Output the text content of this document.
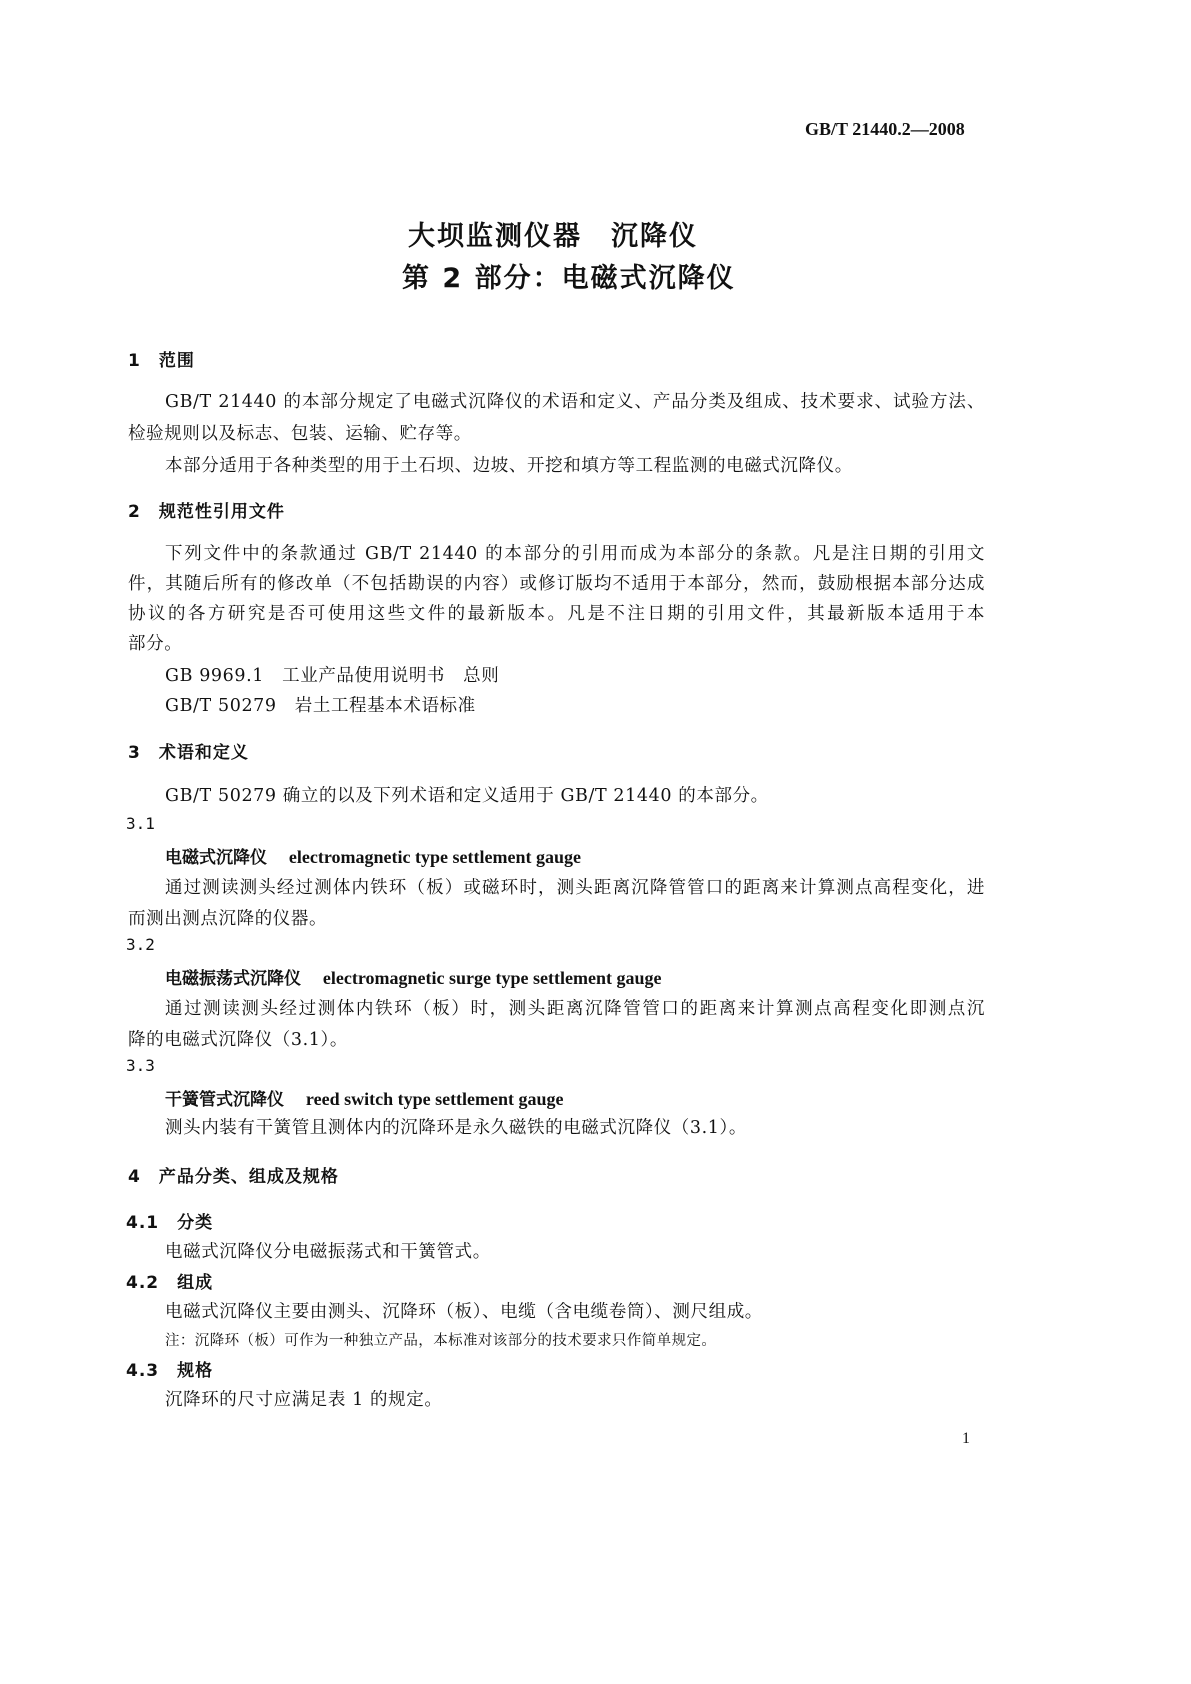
GB/T 21440.2—2008
大坝监测仪器　沉降仪
第 2 部分：电磁式沉降仪
1　范围
GB/T 21440 的本部分规定了电磁式沉降仪的术语和定义、产品分类及组成、技术要求、试验方法、
检验规则以及标志、包装、运输、贮存等。
本部分适用于各种类型的用于土石坝、边坡、开挖和填方等工程监测的电磁式沉降仪。
2　规范性引用文件
下列文件中的条款通过 GB/T 21440 的本部分的引用而成为本部分的条款。凡是注日期的引用文
件，其随后所有的修改单（不包括勘误的内容）或修订版均不适用于本部分，然而，鼓励根据本部分达成
协议的各方研究是否可使用这些文件的最新版本。凡是不注日期的引用文件，其最新版本适用于本
部分。
GB 9969.1　工业产品使用说明书　总则
GB/T 50279　岩土工程基本术语标准
3　术语和定义
GB/T 50279 确立的以及下列术语和定义适用于 GB/T 21440 的本部分。
3.1
电磁式沉降仪 electromagnetic type settlement gauge
通过测读测头经过测体内铁环（板）或磁环时，测头距离沉降管管口的距离来计算测点高程变化，进
而测出测点沉降的仪器。
3.2
电磁振荡式沉降仪 electromagnetic surge type settlement gauge
通过测读测头经过测体内铁环（板）时，测头距离沉降管管口的距离来计算测点高程变化即测点沉
降的电磁式沉降仪（3.1）。
3.3
干簧管式沉降仪 reed switch type settlement gauge
测头内装有干簧管且测体内的沉降环是永久磁铁的电磁式沉降仪（3.1）。
4　产品分类、组成及规格
4.1　分类
电磁式沉降仪分电磁振荡式和干簧管式。
4.2　组成
电磁式沉降仪主要由测头、沉降环（板）、电缆（含电缆卷筒）、测尺组成。
注：沉降环（板）可作为一种独立产品，本标准对该部分的技术要求只作简单规定。
4.3　规格
沉降环的尺寸应满足表 1 的规定。
1
